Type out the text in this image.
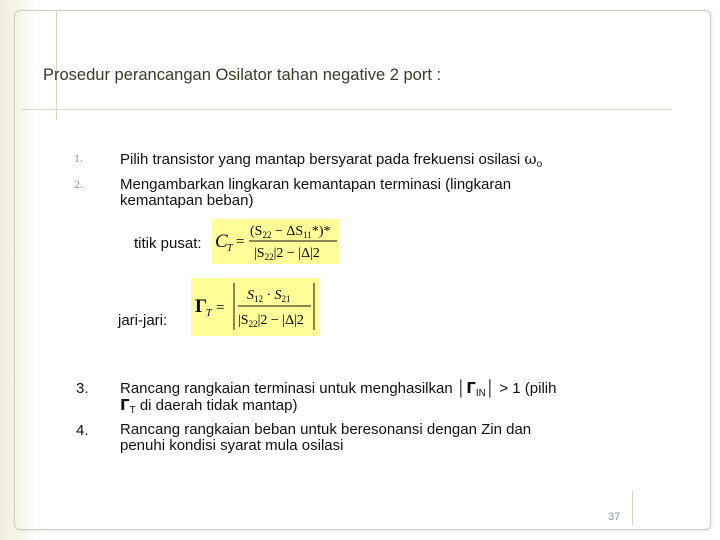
Prosedur perancangan Osilator tahan negative 2 port :
1. Pilih transistor yang mantap bersyarat pada frekuensi osilasi $\omega_o$
2. Mengambarkan lingkaran kemantapan terminasi (lingkaran
kemantapan beban)
titik pusat: C T =
$(S_{22} - \Delta S_{11}*)*$
$|S_{22}|2 - |\Delta|2$
jari-jari:
Γ
T =
$S_{12} \cdot S_{21}$
$|S_{22}|2 - |\Delta|2$
3. Rancang rangkaian terminasi untuk menghasilkan $│\Gamma_{IN}│ > 1$ (pilih
$\Gamma_T$ di daerah tidak mantap)
4. Rancang rangkaian beban untuk beresonansi dengan Zin dan
penuhi kondisi syarat mula osilasi
37
